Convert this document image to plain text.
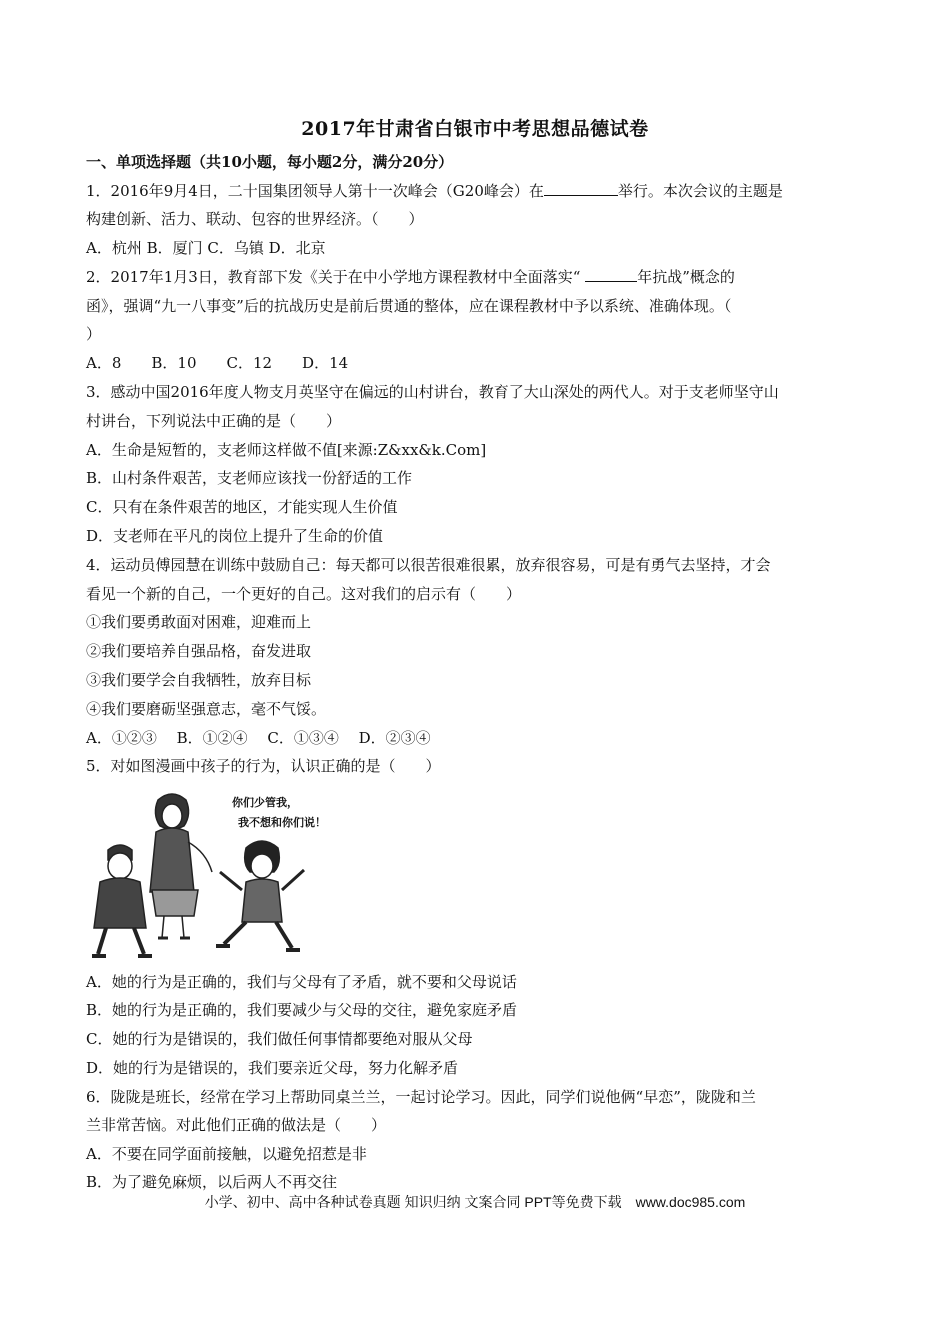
2017年甘肃省白银市中考思想品德试卷
一、单项选择题（共10小题，每小题2分，满分20分）
1．2016年9月4日，二十国集团领导人第十一次峰会（G20峰会）在	举行。本次会议的主题是
构建创新、活力、联动、包容的世界经济。（　　）
A．杭州 B．厦门 C．乌镇 D．北京
2．2017年1月3日，教育部下发《关于在中小学地方课程教材中全面落实“	年抗战”概念的
函》，强调“九一八事变”后的抗战历史是前后贯通的整体，应在课程教材中予以系统、准确体现。（
）
A．8　　B．10　　C．12　　D．14
3．感动中国2016年度人物支月英坚守在偏远的山村讲台，教育了大山深处的两代人。对于支老师坚守山
村讲台，下列说法中正确的是（　　）
A．生命是短暂的，支老师这样做不值[来源:Z&xx&k.Com]
B．山村条件艰苦，支老师应该找一份舒适的工作
C．只有在条件艰苦的地区，才能实现人生价值
D．支老师在平凡的岗位上提升了生命的价值
4．运动员傅园慧在训练中鼓励自己：每天都可以很苦很难很累，放弃很容易，可是有勇气去坚持，才会
看见一个新的自己，一个更好的自己。这对我们的启示有（　　）
①我们要勇敢面对困难，迎难而上
②我们要培养自强品格，奋发进取
③我们要学会自我牺牲，放弃目标
④我们要磨砺坚强意志，毫不气馁。
A．①②③　 B．①②④　 C．①③④　 D．②③④
5．对如图漫画中孩子的行为，认识正确的是（　　）
你们少管我，
我不想和你们说！
A．她的行为是正确的，我们与父母有了矛盾，就不要和父母说话
B．她的行为是正确的，我们要减少与父母的交往，避免家庭矛盾
C．她的行为是错误的，我们做任何事情都要绝对服从父母
D．她的行为是错误的，我们要亲近父母，努力化解矛盾
6．陇陇是班长，经常在学习上帮助同桌兰兰，一起讨论学习。因此，同学们说他俩“早恋”，陇陇和兰
兰非常苦恼。对此他们正确的做法是（　　）
A．不要在同学面前接触，以避免招惹是非
B．为了避免麻烦，以后两人不再交往
小学、初中、高中各种试卷真题 知识归纳 文案合同 PPT等免费下载　www.doc985.com
